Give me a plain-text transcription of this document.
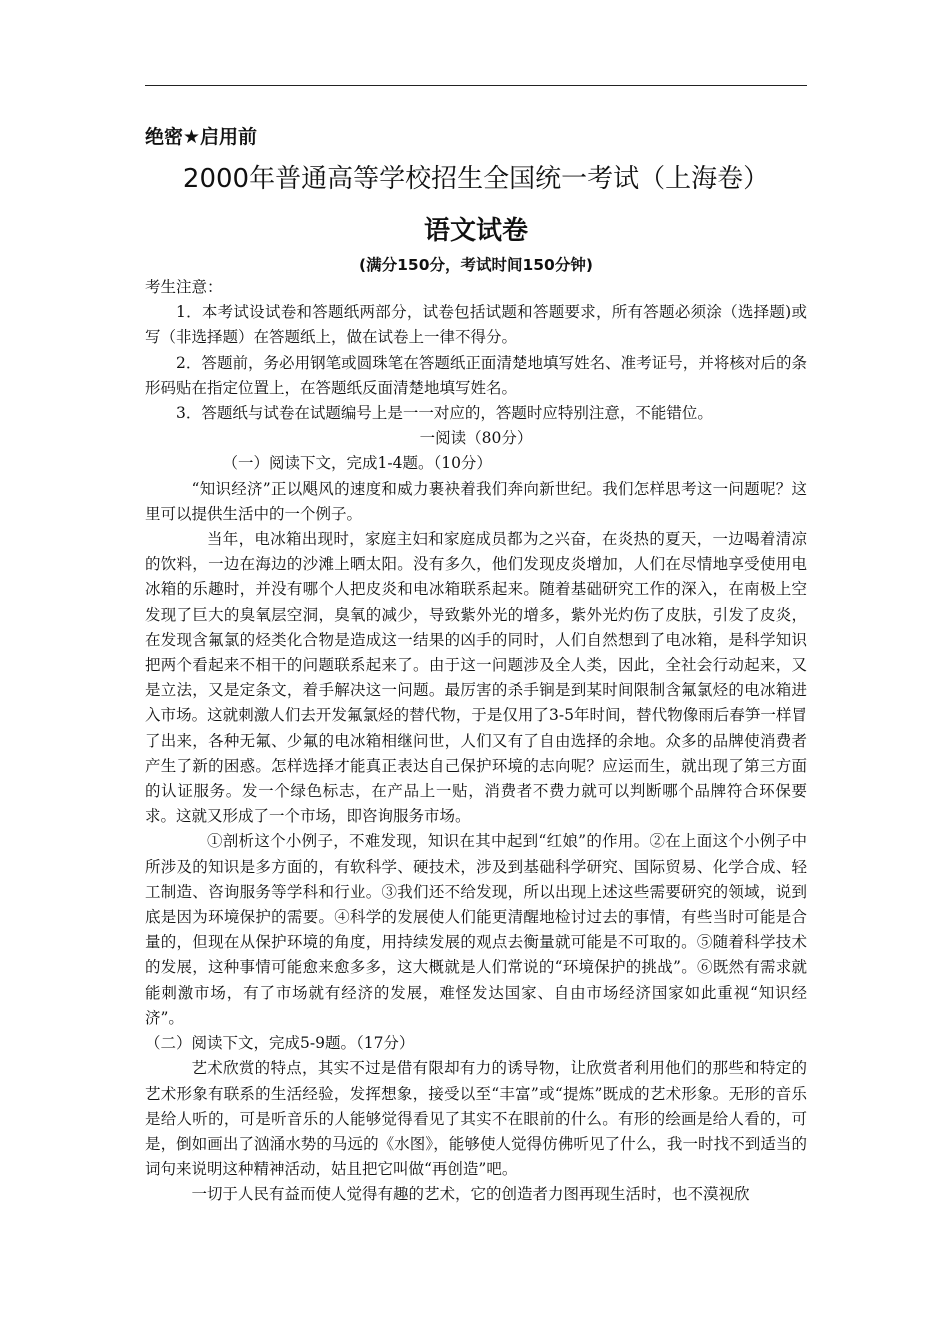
绝密★启用前
2000年普通高等学校招生全国统一考试（上海卷）
语文试卷
(满分150分，考试时间150分钟)

考生注意：

1．本考试设试卷和答题纸两部分，试卷包括试题和答题要求，所有答题必须涂（选择题)或写（非选择题）在答题纸上，做在试卷上一律不得分。

2．答题前，务必用钢笔或圆珠笔在答题纸正面清楚地填写姓名、准考证号，并将核对后的条形码贴在指定位置上，在答题纸反面清楚地填写姓名。

3．答题纸与试卷在试题编号上是一一对应的，答题时应特别注意，不能错位。

一阅读（80分）

（一）阅读下文，完成1-4题。（10分）

“知识经济”正以飓风的速度和威力裹袂着我们奔向新世纪。我们怎样思考这一问题呢？这里可以提供生活中的一个例子。

当年，电冰箱出现时，家庭主妇和家庭成员都为之兴奋，在炎热的夏天，一边喝着清凉的饮料，一边在海边的沙滩上晒太阳。没有多久，他们发现皮炎增加，人们在尽情地享受使用电冰箱的乐趣时，并没有哪个人把皮炎和电冰箱联系起来。随着基础研究工作的深入，在南极上空发现了巨大的臭氧层空洞，臭氧的减少，导致紫外光的增多，紫外光灼伤了皮肤，引发了皮炎，在发现含氟氯的烃类化合物是造成这一结果的凶手的同时，人们自然想到了电冰箱，是科学知识把两个看起来不相干的问题联系起来了。由于这一问题涉及全人类，因此，全社会行动起来，又是立法，又是定条文，着手解决这一问题。最厉害的杀手锏是到某时间限制含氟氯烃的电冰箱进入市场。这就刺激人们去开发氟氯烃的替代物，于是仅用了3-5年时间，替代物像雨后春笋一样冒了出来，各种无氟、少氟的电冰箱相继问世，人们又有了自由选择的余地。众多的品牌使消费者产生了新的困惑。怎样选择才能真正表达自己保护环境的志向呢？应运而生，就出现了第三方面的认证服务。发一个绿色标志，在产品上一贴，消费者不费力就可以判断哪个品牌符合环保要求。这就又形成了一个市场，即咨询服务市场。

①剖析这个小例子，不难发现，知识在其中起到“红娘”的作用。②在上面这个小例子中所涉及的知识是多方面的，有软科学、硬技术，涉及到基础科学研究、国际贸易、化学合成、轻工制造、咨询服务等学科和行业。③我们还不给发现，所以出现上述这些需要研究的领域，说到底是因为环境保护的需要。④科学的发展使人们能更清醒地检讨过去的事情，有些当时可能是合量的，但现在从保护环境的角度，用持续发展的观点去衡量就可能是不可取的。⑤随着科学技术的发展，这种事情可能愈来愈多多，这大概就是人们常说的“环境保护的挑战”。⑥既然有需求就能刺激市场，有了市场就有经济的发展，难怪发达国家、自由市场经济国家如此重视“知识经济”。

（二）阅读下文，完成5-9题。（17分）

艺术欣赏的特点，其实不过是借有限却有力的诱导物，让欣赏者利用他们的那些和特定的艺术形象有联系的生活经验，发挥想象，接受以至“丰富”或“提炼”既成的艺术形象。无形的音乐是给人听的，可是听音乐的人能够觉得看见了其实不在眼前的什么。有形的绘画是给人看的，可是，倒如画出了汹涌水势的马远的《水图》，能够使人觉得仿佛听见了什么，我一时找不到适当的词句来说明这种精神活动，姑且把它叫做“再创造”吧。

一切于人民有益而使人觉得有趣的艺术，它的创造者力图再现生活时，也不漠视欣
